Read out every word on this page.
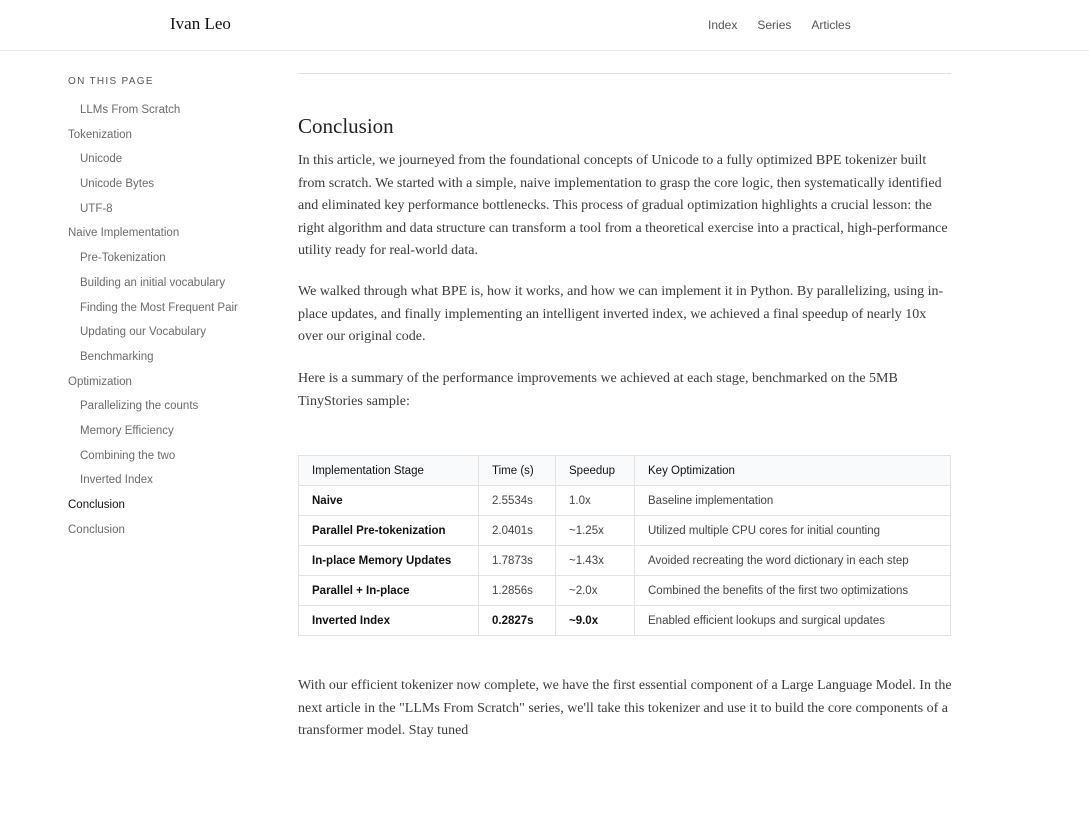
Conclusion

In this article, we journeyed from the foundational concepts of Unicode to a fully optimized BPE tokenizer built from scratch. We started with a simple, naive implementation to grasp the core logic, then systematically identified and eliminated key performance bottlenecks. This process of gradual optimization highlights a crucial lesson: the right algorithm and data structure can transform a tool from a theoretical exercise into a practical, high-performance utility ready for real-world data.

We walked through what BPE is, how it works, and how we can implement it in Python. By parallelizing, using in-place updates, and finally implementing an intelligent inverted index, we achieved a final speedup of nearly 10x over our original code.

Here is a summary of the performance improvements we achieved at each stage, benchmarked on the 5MB TinyStories sample:

Implementation Stage	Time (s)	Speedup	Key Optimization
Naive	2.5534s	1.0x	Baseline implementation
Parallel Pre-tokenization	2.0401s	~1.25x	Utilized multiple CPU cores for initial counting
In-place Memory Updates	1.7873s	~1.43x	Avoided recreating the word dictionary in each step
Parallel + In-place	1.2856s	~2.0x	Combined the benefits of the first two optimizations
Inverted Index	0.2827s	~9.0x	Enabled efficient lookups and surgical updates

With our efficient tokenizer now complete, we have the first essential component of a Large Language Model. In the next article in the "LLMs From Scratch" series, we'll take this tokenizer and use it to build the core components of a transformer model. Stay tuned

Ivan Leo	Index Series Articles
ON THIS PAGE
LLMs From Scratch
Tokenization
Unicode
Unicode Bytes
UTF-8
Naive Implementation
Pre-Tokenization
Building an initial vocabulary
Finding the Most Frequent Pair
Updating our Vocabulary
Benchmarking
Optimization
Parallelizing the counts
Memory Efficiency
Combining the two
Inverted Index
Conclusion
Conclusion
